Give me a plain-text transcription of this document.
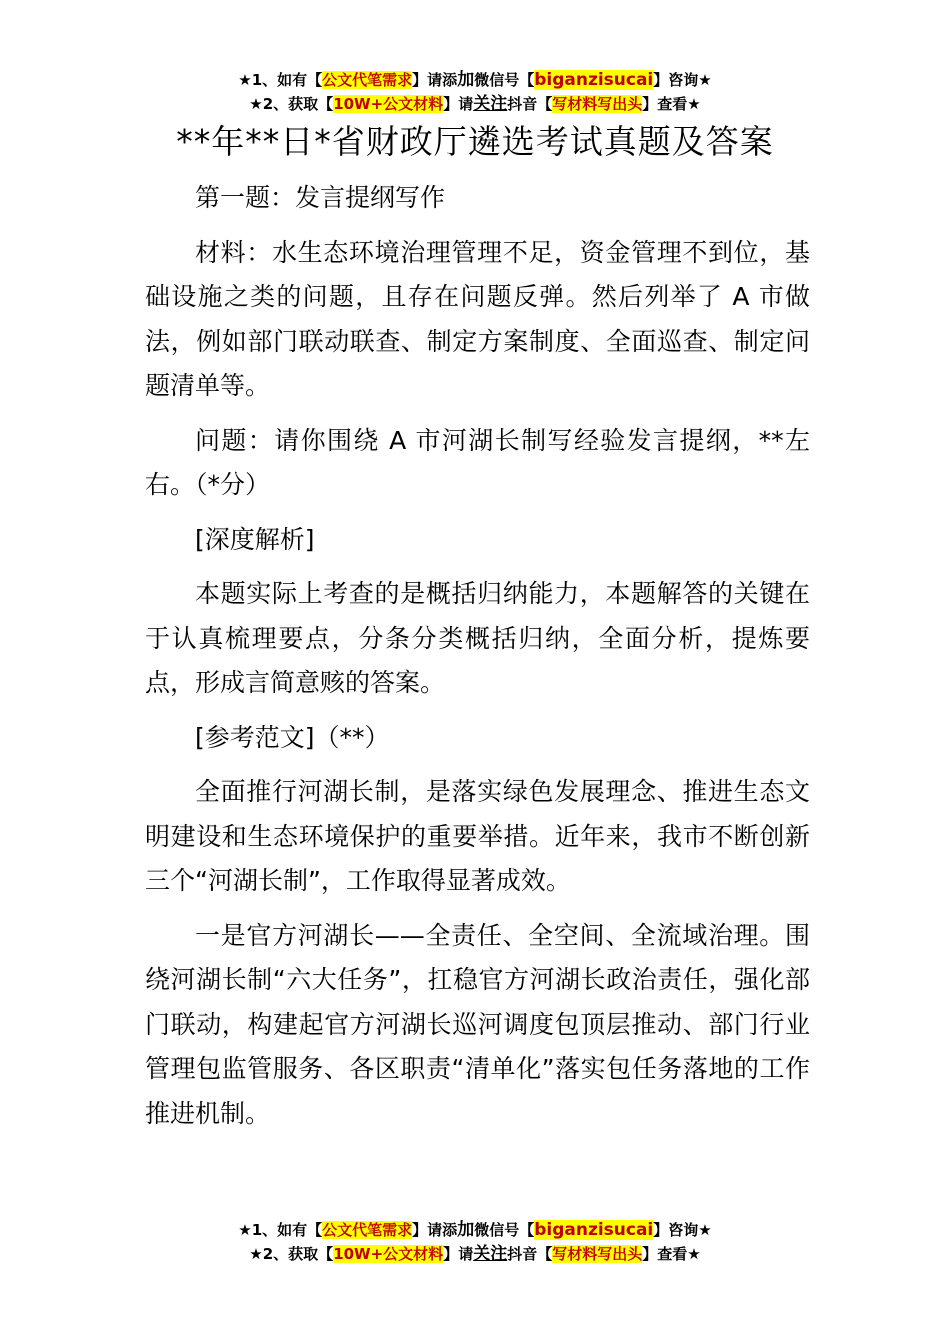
★1、如有【公文代笔需求】请添加微信号【biganzisucai】咨询★
★2、获取【10W+公文材料】请关注抖音【写材料写出头】查看★
**年**日*省财政厅遴选考试真题及答案

第一题：发言提纲写作

材料：水生态环境治理管理不足，资金管理不到位，基础设施之类的问题，且存在问题反弹。然后列举了 A 市做法，例如部门联动联查、制定方案制度、全面巡查、制定问题清单等。

问题：请你围绕 A 市河湖长制写经验发言提纲，**左右。（*分）

[深度解析]

本题实际上考查的是概括归纳能力，本题解答的关键在于认真梳理要点，分条分类概括归纳，全面分析，提炼要点，形成言简意赅的答案。

[参考范文]（**）

全面推行河湖长制，是落实绿色发展理念、推进生态文明建设和生态环境保护的重要举措。近年来，我市不断创新三个“河湖长制”，工作取得显著成效。

一是官方河湖长——全责任、全空间、全流域治理。围绕河湖长制“六大任务”，扛稳官方河湖长政治责任，强化部门联动，构建起官方河湖长巡河调度包顶层推动、部门行业管理包监管服务、各区职责“清单化”落实包任务落地的工作推进机制。

★1、如有【公文代笔需求】请添加微信号【biganzisucai】咨询★
★2、获取【10W+公文材料】请关注抖音【写材料写出头】查看★
